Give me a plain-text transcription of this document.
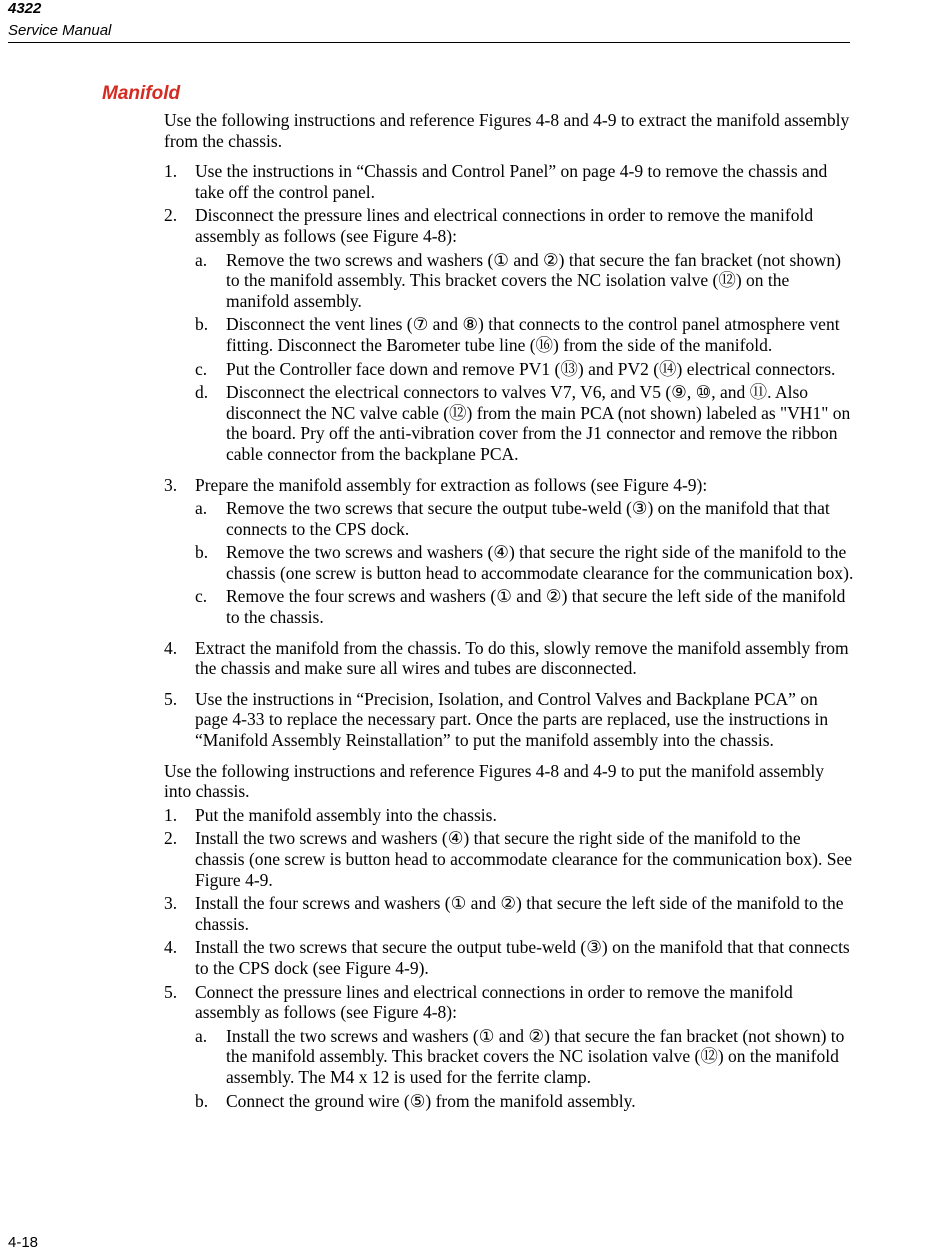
4322
Service Manual
Manifold

Use the following instructions and reference Figures 4-8 and 4-9 to extract the manifold assembly from the chassis.

1. Use the instructions in “Chassis and Control Panel” on page 4-9 to remove the chassis and take off the control panel.
2. Disconnect the pressure lines and electrical connections in order to remove the manifold assembly as follows (see Figure 4-8):
a. Remove the two screws and washers (① and ②) that secure the fan bracket (not shown) to the manifold assembly. This bracket covers the NC isolation valve (⑫) on the manifold assembly.
b. Disconnect the vent lines (⑦ and ⑧) that connects to the control panel atmosphere vent fitting. Disconnect the Barometer tube line (⑯) from the side of the manifold.
c. Put the Controller face down and remove PV1 (⑬) and PV2 (⑭) electrical connectors.
d. Disconnect the electrical connectors to valves V7, V6, and V5 (⑨, ⑩, and ⑪. Also disconnect the NC valve cable (⑫) from the main PCA (not shown) labeled as "VH1" on the board. Pry off the anti-vibration cover from the J1 connector and remove the ribbon cable connector from the backplane PCA.
3. Prepare the manifold assembly for extraction as follows (see Figure 4-9):
a. Remove the two screws that secure the output tube-weld (③) on the manifold that that connects to the CPS dock.
b. Remove the two screws and washers (④) that secure the right side of the manifold to the chassis (one screw is button head to accommodate clearance for the communication box).
c. Remove the four screws and washers (① and ②) that secure the left side of the manifold to the chassis.
4. Extract the manifold from the chassis. To do this, slowly remove the manifold assembly from the chassis and make sure all wires and tubes are disconnected.
5. Use the instructions in “Precision, Isolation, and Control Valves and Backplane PCA” on page 4-33 to replace the necessary part. Once the parts are replaced, use the instructions in “Manifold Assembly Reinstallation” to put the manifold assembly into the chassis.

Use the following instructions and reference Figures 4-8 and 4-9 to put the manifold assembly into chassis.

1. Put the manifold assembly into the chassis.
2. Install the two screws and washers (④) that secure the right side of the manifold to the chassis (one screw is button head to accommodate clearance for the communication box). See Figure 4-9.
3. Install the four screws and washers (① and ②) that secure the left side of the manifold to the chassis.
4. Install the two screws that secure the output tube-weld (③) on the manifold that that connects to the CPS dock (see Figure 4-9).
5. Connect the pressure lines and electrical connections in order to remove the manifold assembly as follows (see Figure 4-8):
a. Install the two screws and washers (① and ②) that secure the fan bracket (not shown) to the manifold assembly. This bracket covers the NC isolation valve (⑫) on the manifold assembly. The M4 x 12 is used for the ferrite clamp.
b. Connect the ground wire (⑤) from the manifold assembly.
4-18
